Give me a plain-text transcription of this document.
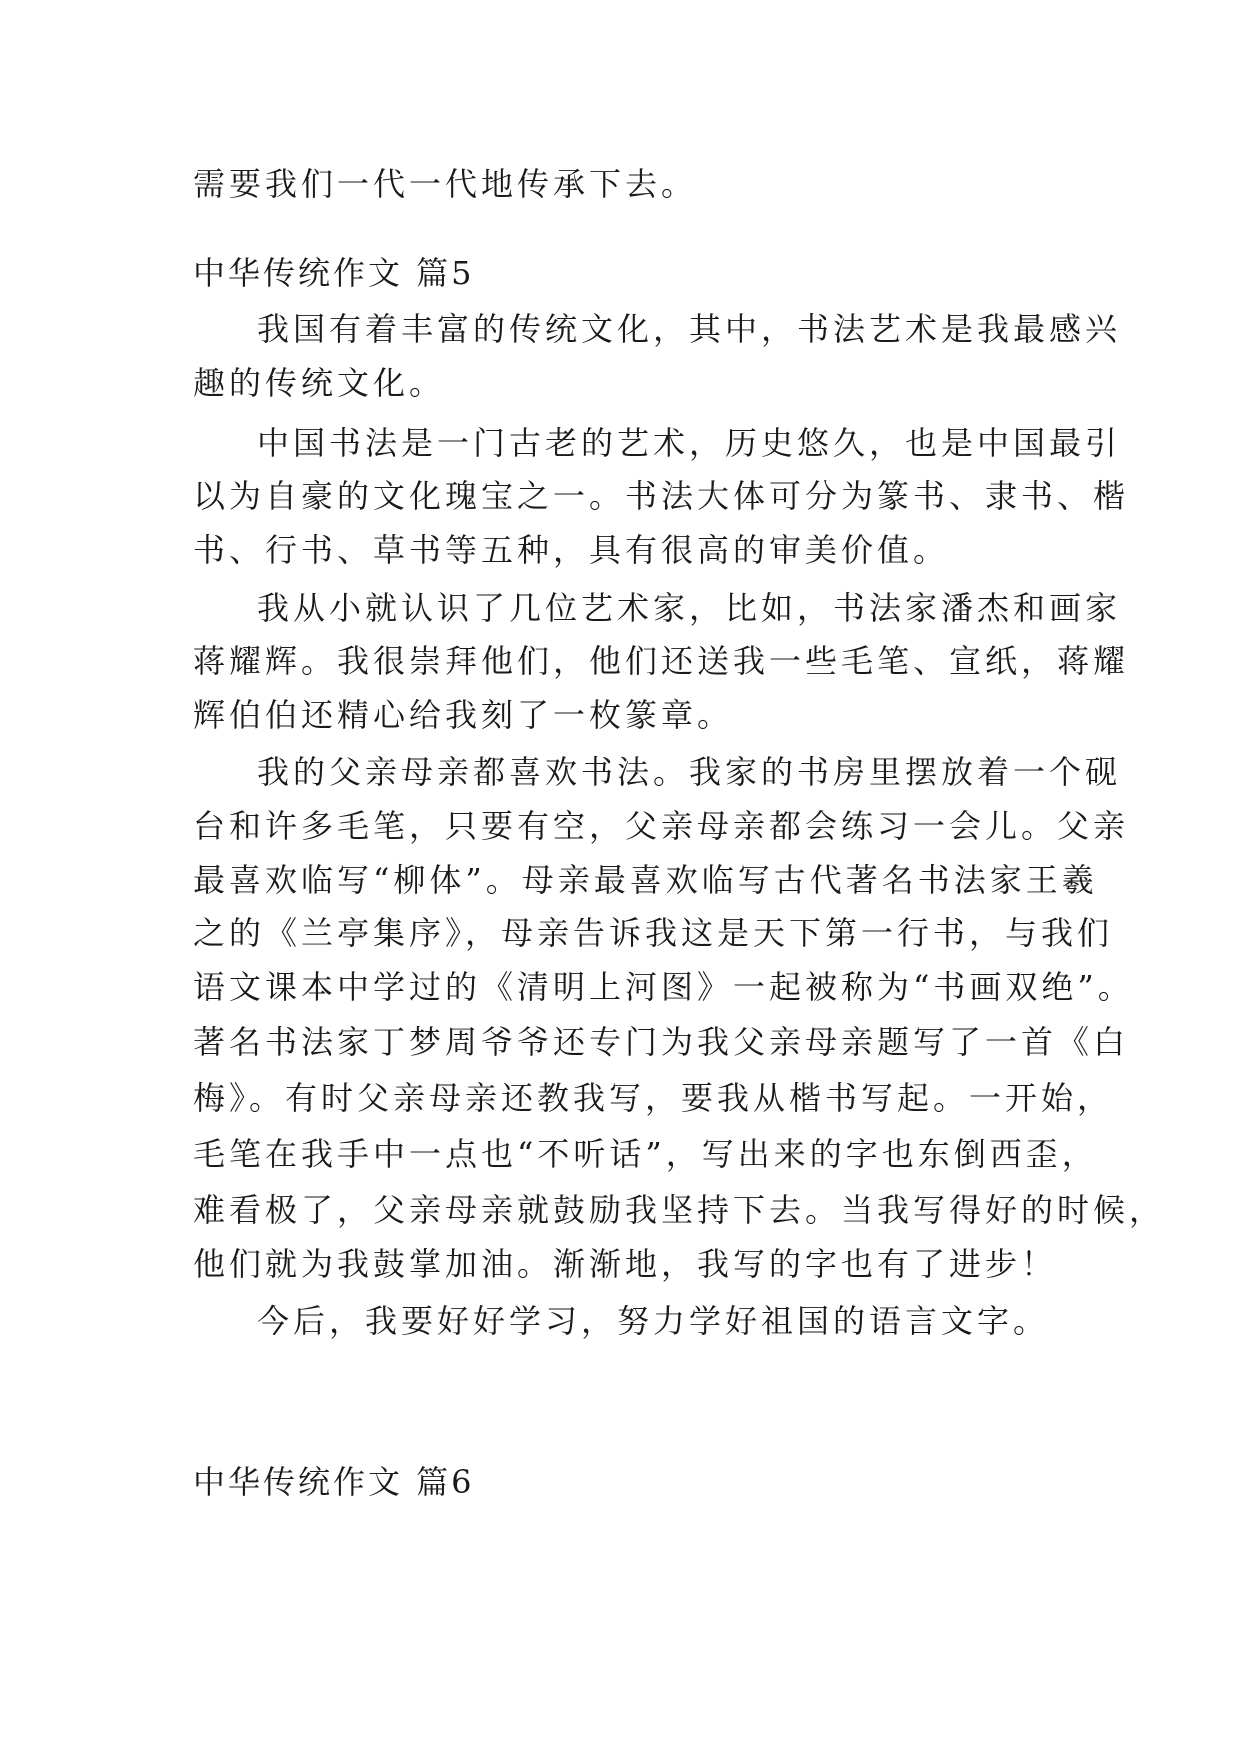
需要我们一代一代地传承下去。
中华传统作文 篇5
我国有着丰富的传统文化，其中，书法艺术是我最感兴
趣的传统文化。
中国书法是一门古老的艺术，历史悠久，也是中国最引
以为自豪的文化瑰宝之一。书法大体可分为篆书、隶书、楷
书、行书、草书等五种，具有很高的审美价值。
我从小就认识了几位艺术家，比如，书法家潘杰和画家
蒋耀辉。我很崇拜他们，他们还送我一些毛笔、宣纸，蒋耀
辉伯伯还精心给我刻了一枚篆章。
我的父亲母亲都喜欢书法。我家的书房里摆放着一个砚
台和许多毛笔，只要有空，父亲母亲都会练习一会儿。父亲
最喜欢临写“柳体”。母亲最喜欢临写古代著名书法家王羲
之的《兰亭集序》，母亲告诉我这是天下第一行书，与我们
语文课本中学过的《清明上河图》一起被称为“书画双绝”。
著名书法家丁梦周爷爷还专门为我父亲母亲题写了一首《白
梅》。有时父亲母亲还教我写，要我从楷书写起。一开始，
毛笔在我手中一点也“不听话”，写出来的字也东倒西歪，
难看极了，父亲母亲就鼓励我坚持下去。当我写得好的时候，
他们就为我鼓掌加油。渐渐地，我写的字也有了进步！
今后，我要好好学习，努力学好祖国的语言文字。
中华传统作文 篇6
